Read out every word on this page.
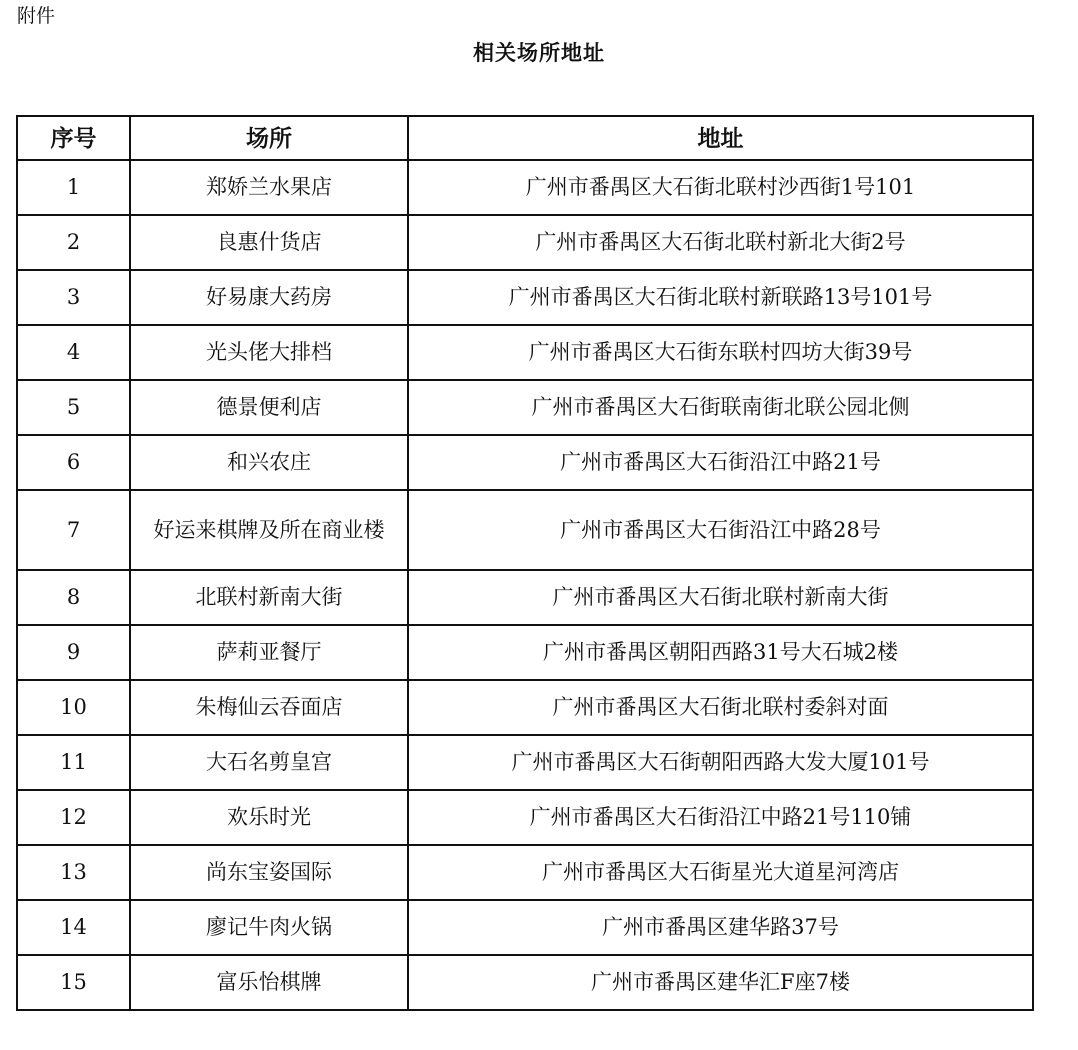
附件
相关场所地址
序号	场所	地址
1	郑娇兰水果店	广州市番禺区大石街北联村沙西街1号101
2	良惠什货店	广州市番禺区大石街北联村新北大街2号
3	好易康大药房	广州市番禺区大石街北联村新联路13号101号
4	光头佬大排档	广州市番禺区大石街东联村四坊大街39号
5	德景便利店	广州市番禺区大石街联南街北联公园北侧
6	和兴农庄	广州市番禺区大石街沿江中路21号
7	好运来棋牌及所在商业楼	广州市番禺区大石街沿江中路28号
8	北联村新南大街	广州市番禺区大石街北联村新南大街
9	萨莉亚餐厅	广州市番禺区朝阳西路31号大石城2楼
10	朱梅仙云吞面店	广州市番禺区大石街北联村委斜对面
11	大石名剪皇宫	广州市番禺区大石街朝阳西路大发大厦101号
12	欢乐时光	广州市番禺区大石街沿江中路21号110铺
13	尚东宝姿国际	广州市番禺区大石街星光大道星河湾店
14	廖记牛肉火锅	广州市番禺区建华路37号
15	富乐怡棋牌	广州市番禺区建华汇F座7楼
